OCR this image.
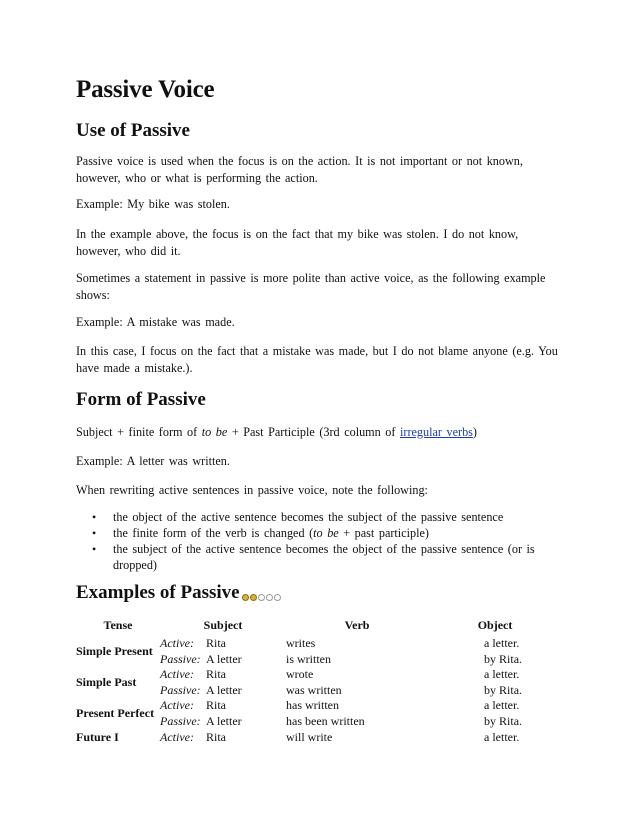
Passive Voice
Use of Passive

Passive voice is used when the focus is on the action. It is not important or not known, however, who or what is performing the action.

Example: My bike was stolen.

In the example above, the focus is on the fact that my bike was stolen. I do not know, however, who did it.

Sometimes a statement in passive is more polite than active voice, as the following example shows:

Example: A mistake was made.

In this case, I focus on the fact that a mistake was made, but I do not blame anyone (e.g. You have made a mistake.).

Form of Passive

Subject + finite form of to be + Past Participle (3rd column of irregular verbs)

Example: A letter was written.

When rewriting active sentences in passive voice, note the following:

• the object of the active sentence becomes the subject of the passive sentence
• the finite form of the verb is changed (to be + past participle)
• the subject of the active sentence becomes the object of the passive sentence (or is dropped)
Examples of Passive
Tense	Subject		Verb	Object
Simple Present	Active:	Rita	writes	a letter.
	Passive:	A letter	is written	by Rita.
Simple Past	Active:	Rita	wrote	a letter.
	Passive:	A letter	was written	by Rita.
Present Perfect	Active:	Rita	has written	a letter.
	Passive:	A letter	has been written	by Rita.
Future I	Active:	Rita	will write	a letter.
